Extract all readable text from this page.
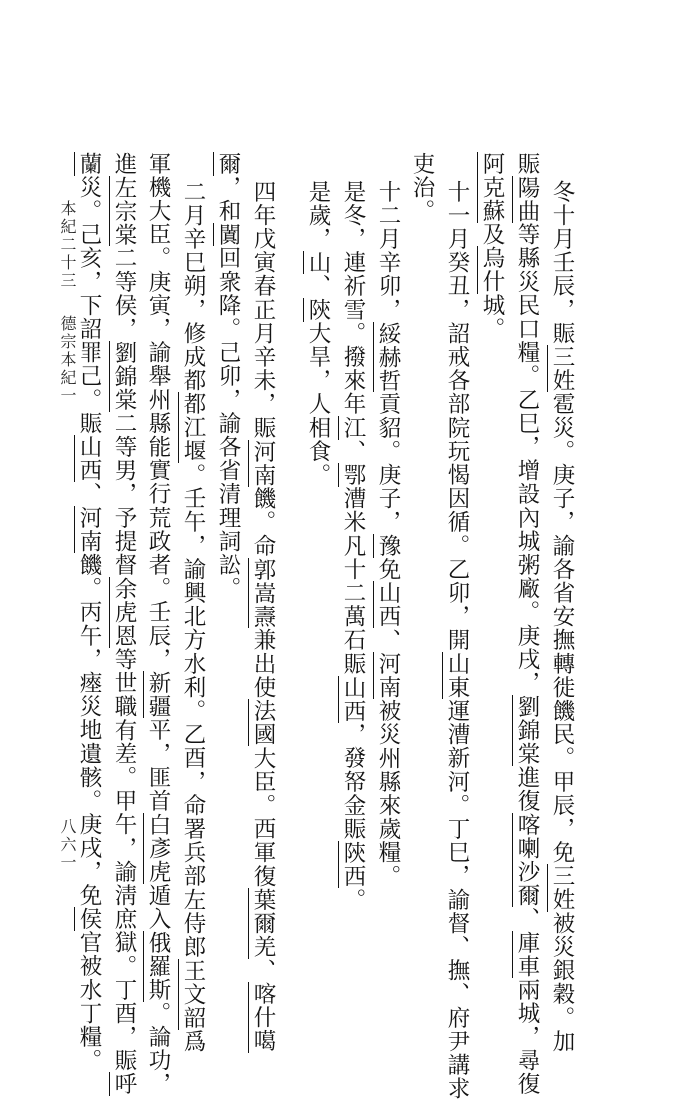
冬十月壬辰，賑三姓雹災。庚子，諭各省安撫轉徙饑民。甲辰，免三姓被災銀穀。加
賑陽曲等縣災民口糧。乙巳，增設內城粥廠。庚戌，劉錦棠進復喀喇沙爾、庫車兩城，尋復
阿克蘇及烏什城。
十一月癸丑，詔戒各部院玩愒因循。乙卯，開山東運漕新河。丁巳，諭督、撫、府尹講求
吏治。
十二月辛卯，綏赫哲貢貂。庚子，豫免山西、河南被災州縣來歲糧。
是冬，連祈雪。撥來年江、鄂漕米凡十二萬石賑山西，發帑金賑陝西。
是歲，山、陝大旱，人相食。
四年戊寅春正月辛未，賑河南饑。命郭嵩燾兼出使法國大臣。西軍復葉爾羌、喀什噶
爾，和闐回衆降。己卯，諭各省清理詞訟。
二月辛巳朔，修成都都江堰。壬午，諭興北方水利。乙酉，命署兵部左侍郎王文韶爲
軍機大臣。庚寅，諭舉州縣能實行荒政者。壬辰，新疆平，匪首白彥虎遁入俄羅斯。論功，
進左宗棠二等侯，劉錦棠二等男，予提督余虎恩等世職有差。甲午，諭淸庶獄。丁酉，賑呼
蘭災。己亥，下詔罪己。賑山西、河南饑。丙午，瘞災地遺骸。庚戌，免侯官被水丁糧。
本紀二十三
德宗本紀一
八六一
